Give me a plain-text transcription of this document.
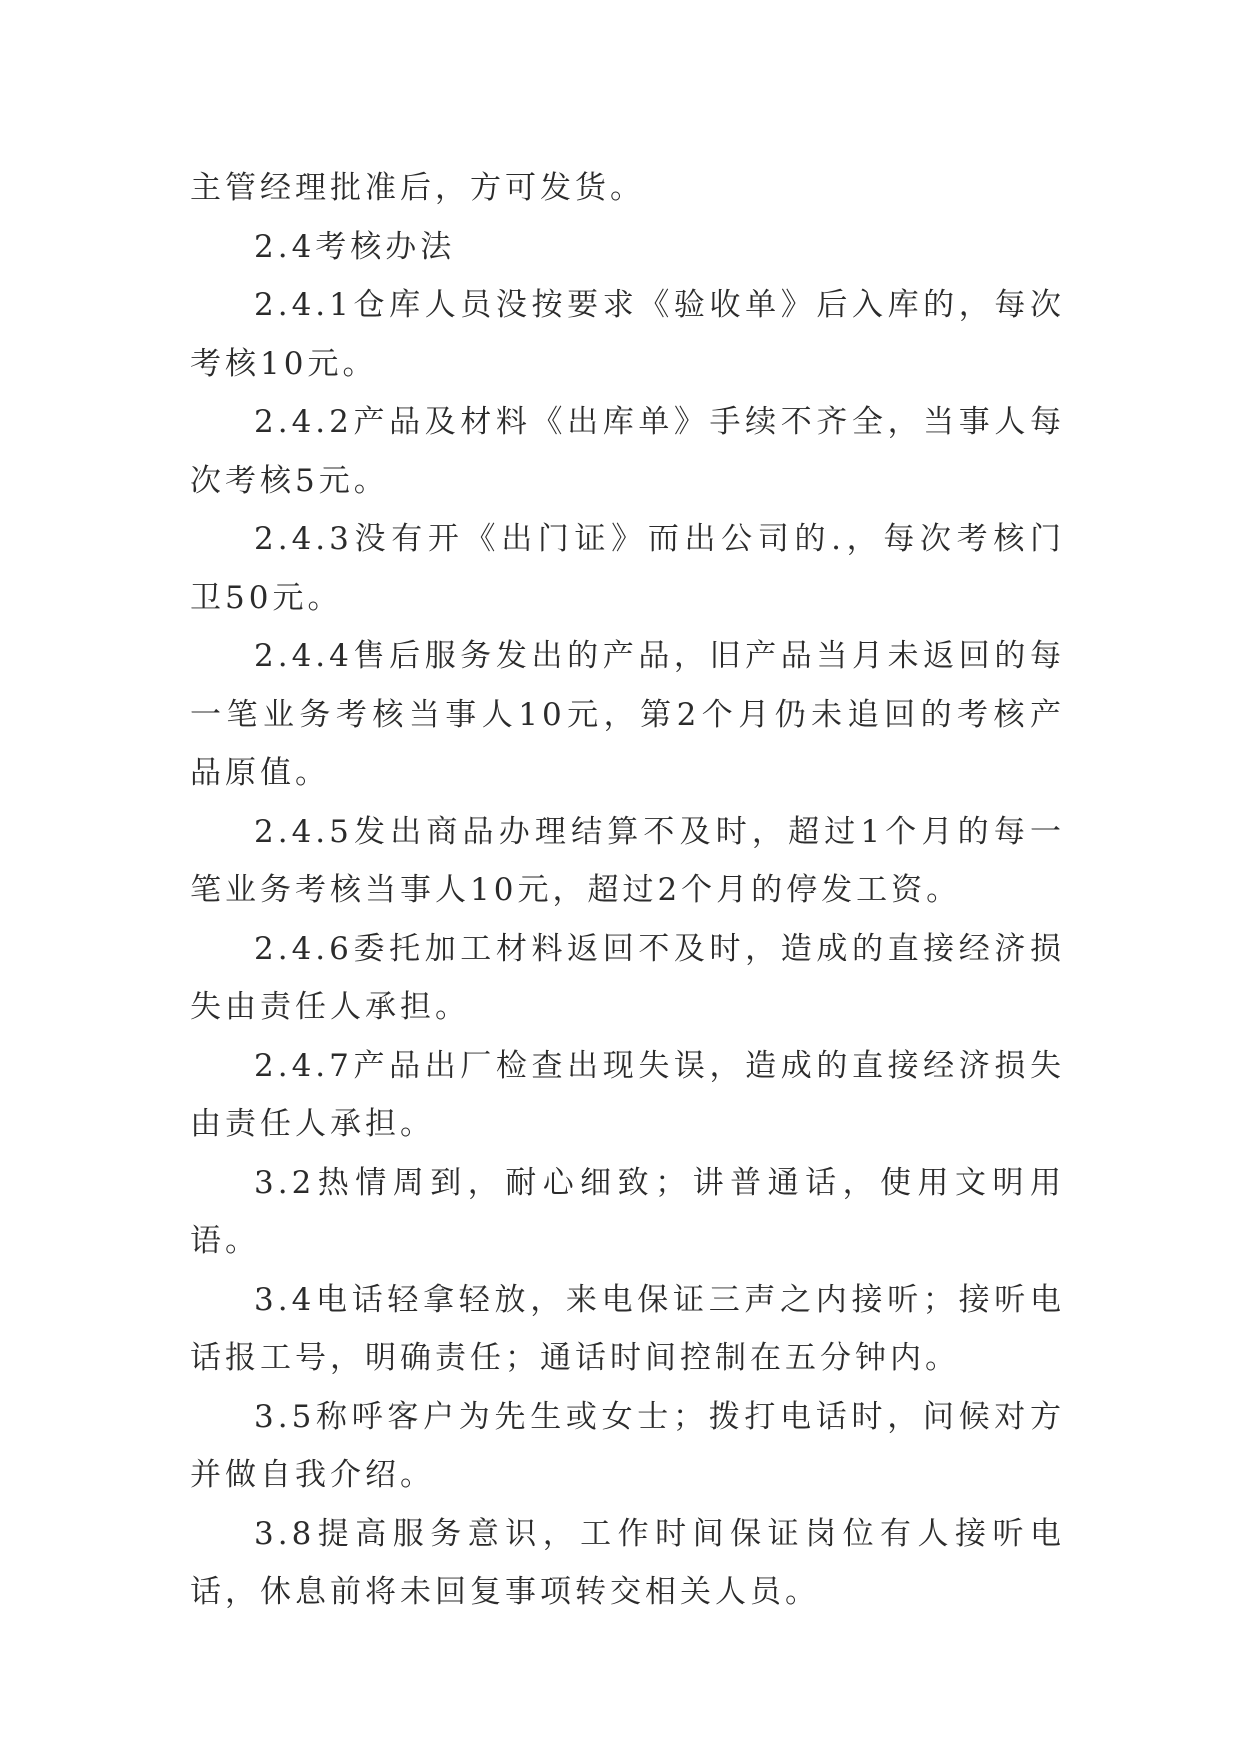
主管经理批准后，方可发货。

2.4考核办法

2.4.1仓库人员没按要求《验收单》后入库的，每次考核10元。

2.4.2产品及材料《出库单》手续不齐全，当事人每次考核5元。

2.4.3没有开《出门证》而出公司的.，每次考核门卫50元。

2.4.4售后服务发出的产品，旧产品当月未返回的每一笔业务考核当事人10元，第2个月仍未追回的考核产品原值。

2.4.5发出商品办理结算不及时，超过1个月的每一笔业务考核当事人10元，超过2个月的停发工资。

2.4.6委托加工材料返回不及时，造成的直接经济损失由责任人承担。

2.4.7产品出厂检查出现失误，造成的直接经济损失由责任人承担。

3.2热情周到，耐心细致；讲普通话，使用文明用语。

3.4电话轻拿轻放，来电保证三声之内接听；接听电话报工号，明确责任；通话时间控制在五分钟内。

3.5称呼客户为先生或女士；拨打电话时，问候对方并做自我介绍。

3.8提高服务意识，工作时间保证岗位有人接听电话，休息前将未回复事项转交相关人员。
